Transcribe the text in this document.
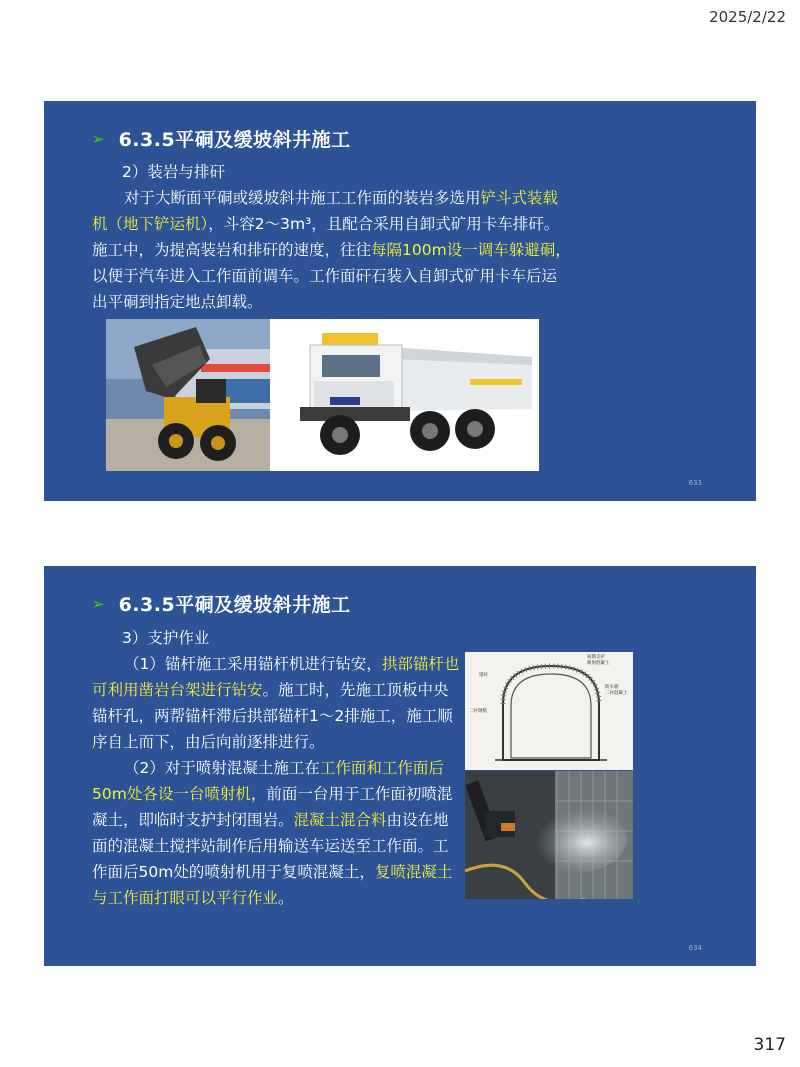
2025/2/22
➢ 6.3.5平硐及缓坡斜井施工

2）装岩与排矸

对于大断面平硐或缓坡斜井施工工作面的装岩多选用铲斗式装载机（地下铲运机），斗容2～3m³，且配合采用自卸式矿用卡车排矸。施工中，为提高装岩和排矸的速度，往往每隔100m设一调车躲避硐，以便于汽车进入工作面前调车。工作面矸石装入自卸式矿用卡车后运出平硐到指定地点卸载。

633
➢ 6.3.5平硐及缓坡斜井施工

3）支护作业

（1）锚杆施工采用锚杆机进行钻安，拱部锚杆也可利用凿岩台架进行钻安。施工时，先施工顶板中央锚杆孔，两帮锚杆滞后拱部锚杆1～2排施工，施工顺序自上而下，由后向前逐排进行。

（2）对于喷射混凝土施工在工作面和工作面后50m处各设一台喷射机，前面一台用于工作面初喷混凝土，即临时支护封闭围岩。混凝土混合料由设在地面的混凝土搅拌站制作后用输送车运送至工作面。工作面后50m处的喷射机用于复喷混凝土，复喷混凝土与工作面打眼可以平行作业。

初期支护
喷射混凝土
锚杆
防水板
二衬混凝土
二衬钢筋
634
317
